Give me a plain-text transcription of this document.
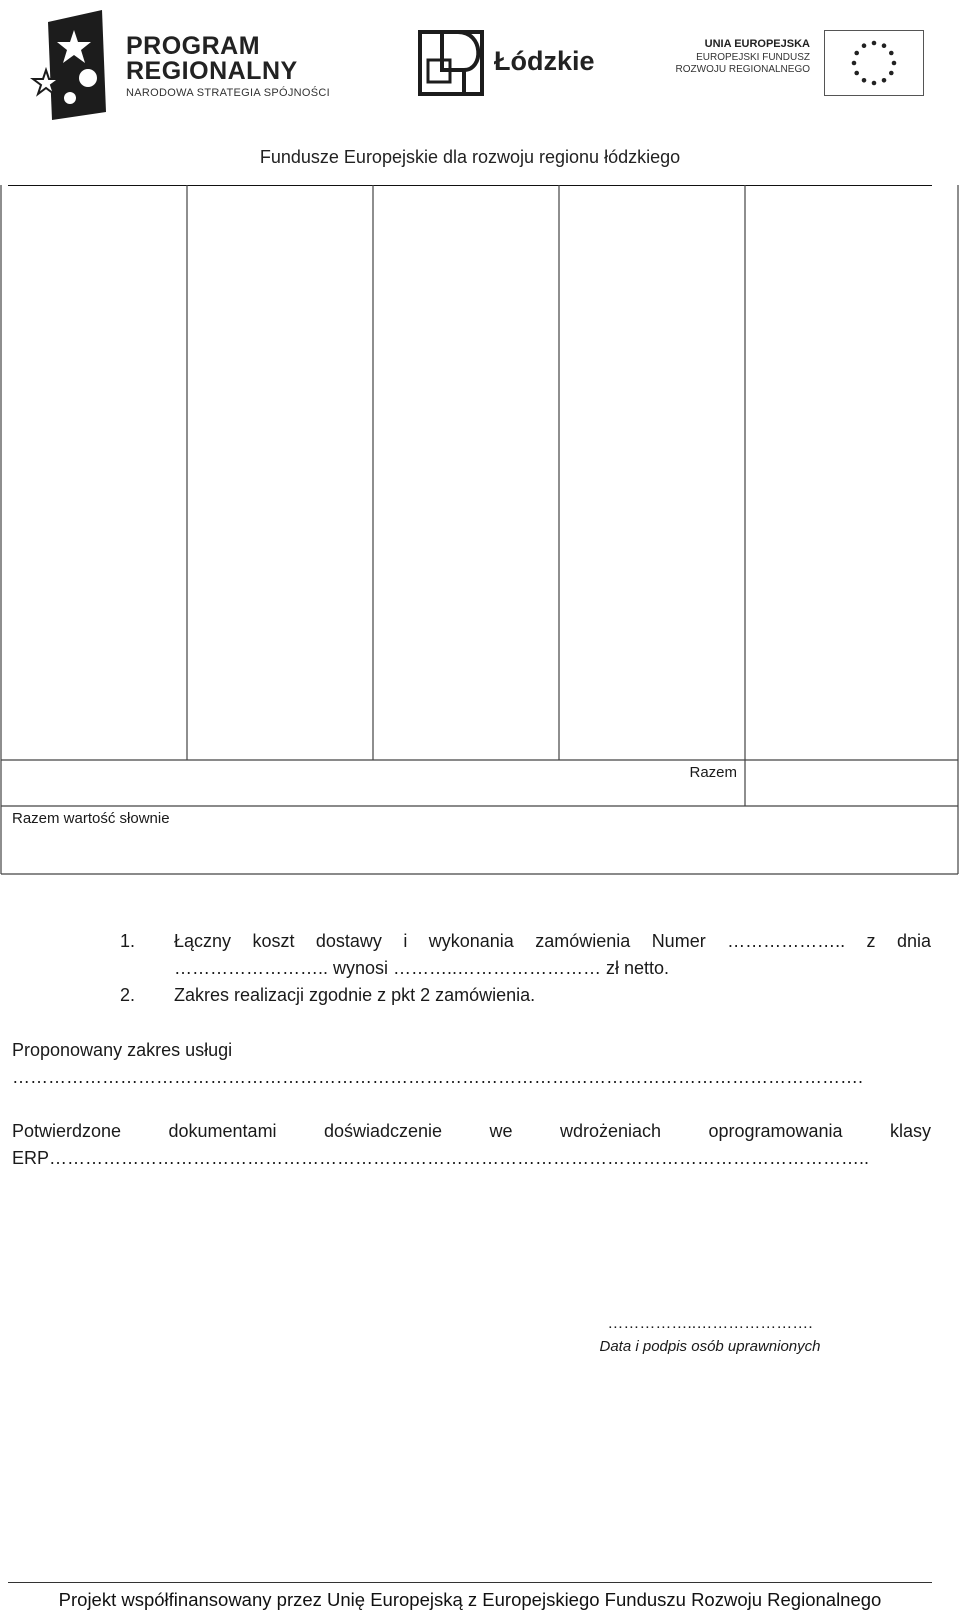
PROGRAM
REGIONALNY
NARODOWA STRATEGIA SPÓJNOŚCI
Łódzkie
UNIA EUROPEJSKA
EUROPEJSKI FUNDUSZ
ROZWOJU REGIONALNEGO
Fundusze Europejskie dla rozwoju regionu łódzkiego
Razem
Razem wartość słownie
1.	Łączny koszt dostawy i wykonania zamówienia Numer ……………….. z dnia
…………………….. wynosi ………..…………………… zł netto.
2.	Zakres realizacji zgodnie z pkt 2 zamówienia.
Proponowany zakres usługi
…………………………………………………………………………………………………………………………….
Potwierdzone dokumentami doświadczenie we wdrożeniach oprogramowania klasy
ERP………………………………………………………………………………………………………………………..
……………..………………….
Data i podpis osób uprawnionych
Projekt współfinansowany przez Unię Europejską z Europejskiego Funduszu Rozwoju Regionalnego
